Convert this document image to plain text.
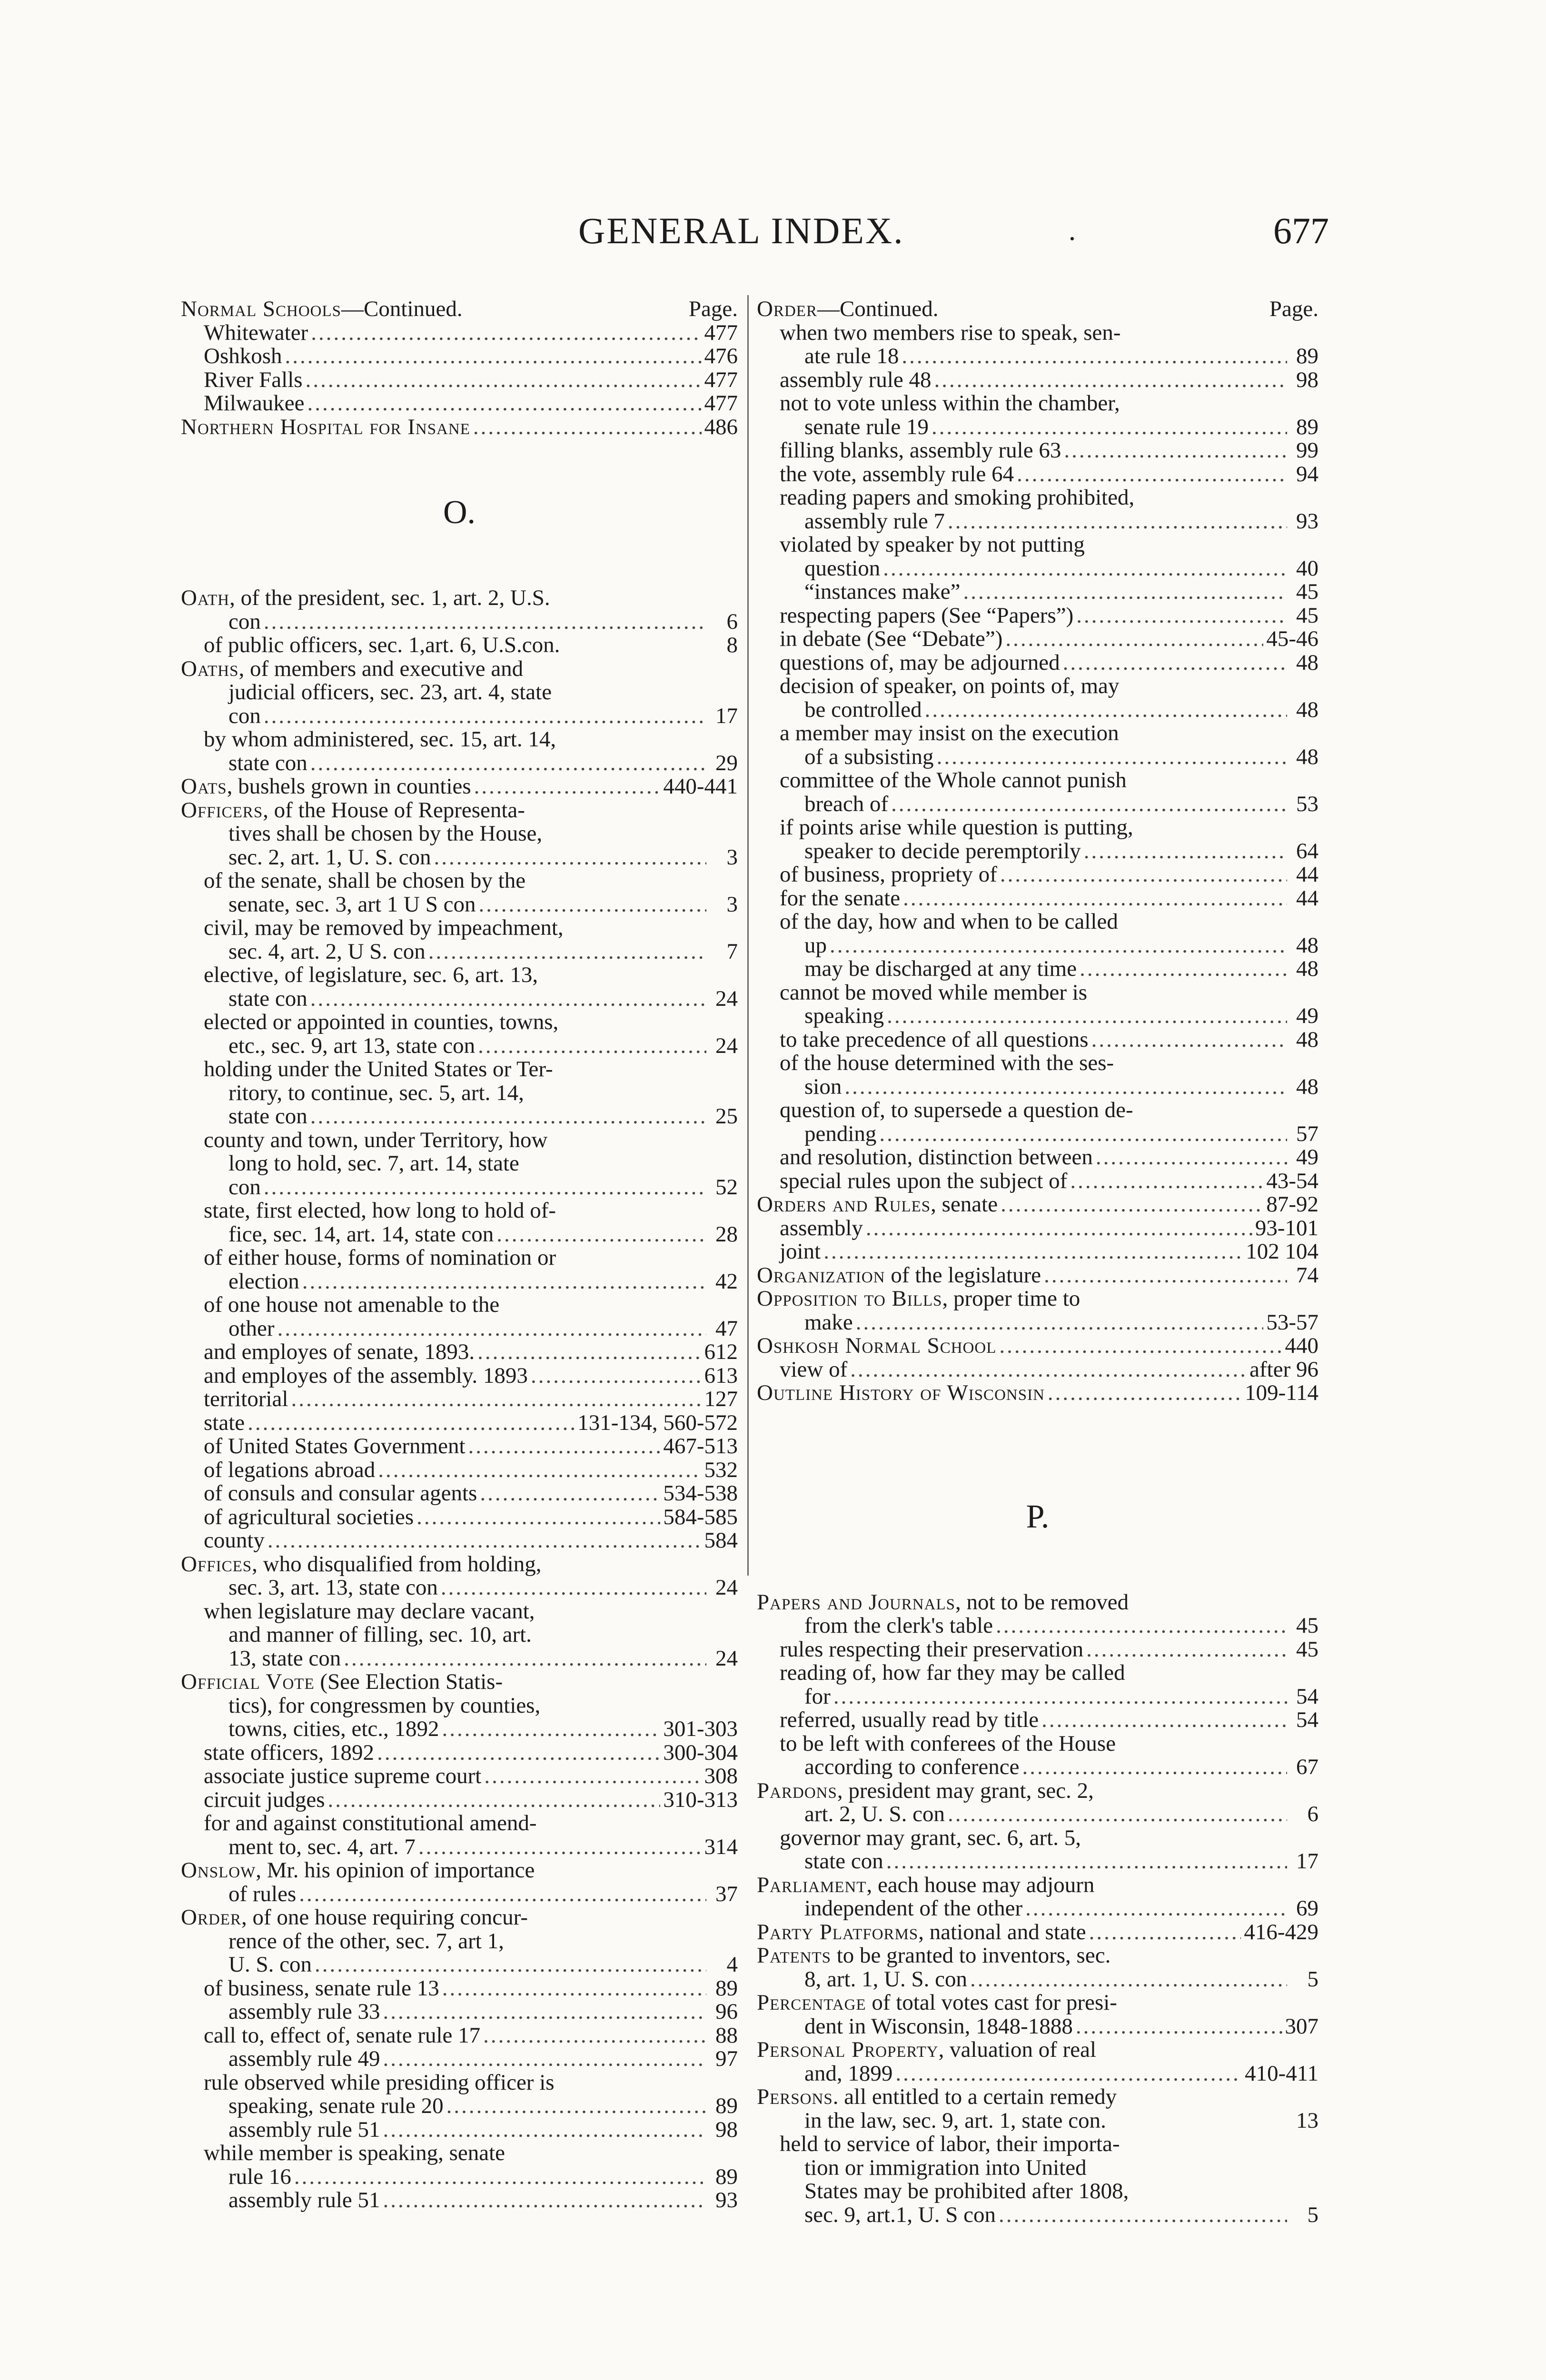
GENERAL INDEX.	.	677
Normal Schools—Continued.	Page.
Whitewater .....	477
Oshkosh .....	476
River Falls .....	477
Milwaukee .....	477
Northern Hospital for Insane .....	486
O.
Oath, of the president, sec. 1, art. 2, U.S.
con .....	6
of public officers, sec. 1,art. 6, U.S.con.	8
Oaths, of members and executive and
judicial officers, sec. 23, art. 4, state
con .....	17
by whom administered, sec. 15, art. 14,
state con .....	29
Oats, bushels grown in counties .....	440-441
Officers, of the House of Representa-
tives shall be chosen by the House,
sec. 2, art. 1, U. S. con .....	3
of the senate, shall be chosen by the
senate, sec. 3, art 1 U S con .....	3
civil, may be removed by impeachment,
sec. 4, art. 2, U S. con .....	7
elective, of legislature, sec. 6, art. 13,
state con .....	24
elected or appointed in counties, towns,
etc., sec. 9, art 13, state con .....	24
holding under the United States or Ter-
ritory, to continue, sec. 5, art. 14,
state con .....	25
county and town, under Territory, how
long to hold, sec. 7, art. 14, state
con .....	52
state, first elected, how long to hold of-
fice, sec. 14, art. 14, state con .....	28
of either house, forms of nomination or
election .....	42
of one house not amenable to the
other .....	47
and employes of senate, 1893. .....	612
and employes of the assembly. 1893 .....	613
territorial .....	127
state .....	131-134, 560-572
of United States Government .....	467-513
of legations abroad .....	532
of consuls and consular agents .....	534-538
of agricultural societies .....	584-585
county .....	584
Offices, who disqualified from holding,
sec. 3, art. 13, state con .....	24
when legislature may declare vacant,
and manner of filling, sec. 10, art.
13, state con .....	24
Official Vote (See Election Statis-
tics), for congressmen by counties,
towns, cities, etc., 1892 .....	301-303
state officers, 1892 .....	300-304
associate justice supreme court .....	308
circuit judges .....	310-313
for and against constitutional amend-
ment to, sec. 4, art. 7 .....	314
Onslow, Mr. his opinion of importance
of rules .....	37
Order, of one house requiring concur-
rence of the other, sec. 7, art 1,
U. S. con .....	4
of business, senate rule 13 .....	89
assembly rule 33 .....	96
call to, effect of, senate rule 17 .....	88
assembly rule 49 .....	97
rule observed while presiding officer is
speaking, senate rule 20 .....	89
assembly rule 51 .....	98
while member is speaking, senate
rule 16 .....	89
assembly rule 51 .....	93
Order—Continued.	Page.
when two members rise to speak, sen-
ate rule 18 .....	89
assembly rule 48 .....	98
not to vote unless within the chamber,
senate rule 19 .....	89
filling blanks, assembly rule 63 .....	99
the vote, assembly rule 64 .....	94
reading papers and smoking prohibited,
assembly rule 7 .....	93
violated by speaker by not putting
question .....	40
“instances make” .....	45
respecting papers (See “Papers”) .....	45
in debate (See “Debate”) .....	45-46
questions of, may be adjourned .....	48
decision of speaker, on points of, may
be controlled .....	48
a member may insist on the execution
of a subsisting .....	48
committee of the Whole cannot punish
breach of .....	53
if points arise while question is putting,
speaker to decide peremptorily .....	64
of business, propriety of .....	44
for the senate .....	44
of the day, how and when to be called
up .....	48
may be discharged at any time .....	48
cannot be moved while member is
speaking .....	49
to take precedence of all questions .....	48
of the house determined with the ses-
sion .....	48
question of, to supersede a question de-
pending .....	57
and resolution, distinction between .....	49
special rules upon the subject of .....	43-54
Orders and Rules, senate .....	87-92
assembly .....	93-101
joint .....	102 104
Organization of the legislature .....	74
Opposition to Bills, proper time to
make .....	53-57
Oshkosh Normal School .....	440
view of .....	after 96
Outline History of Wisconsin .....	109-114
P.
Papers and Journals, not to be removed
from the clerk's table .....	45
rules respecting their preservation .....	45
reading of, how far they may be called
for .....	54
referred, usually read by title .....	54
to be left with conferees of the House
according to conference .....	67
Pardons, president may grant, sec. 2,
art. 2, U. S. con .....	6
governor may grant, sec. 6, art. 5,
state con .....	17
Parliament, each house may adjourn
independent of the other .....	69
Party Platforms, national and state .....	416-429
Patents to be granted to inventors, sec.
8, art. 1, U. S. con .....	5
Percentage of total votes cast for presi-
dent in Wisconsin, 1848-1888 .....	307
Personal Property, valuation of real
and, 1899 .....	410-411
Persons. all entitled to a certain remedy
in the law, sec. 9, art. 1, state con.	13
held to service of labor, their importa-
tion or immigration into United
States may be prohibited after 1808,
sec. 9, art.1, U. S con .....	5
